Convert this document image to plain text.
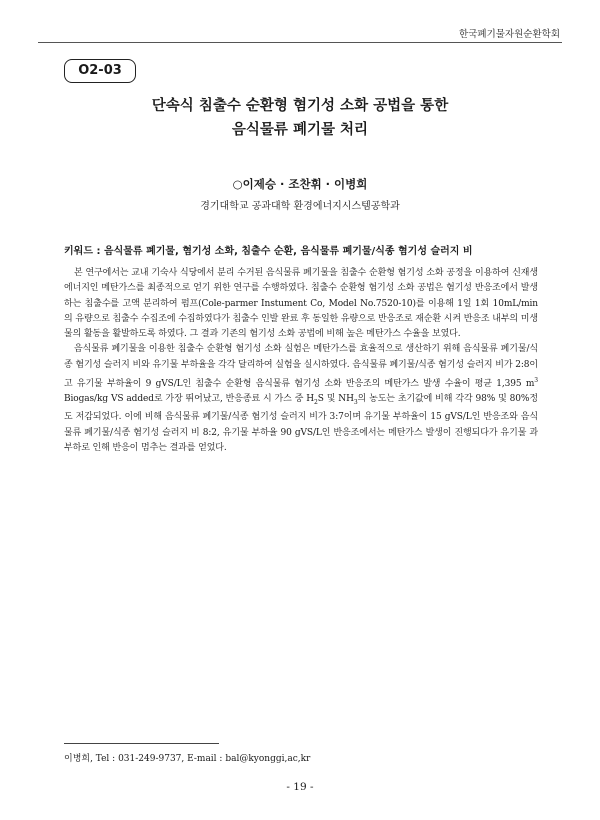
한국폐기물자원순환학회
O2-03
단속식 침출수 순환형 혐기성 소화 공법을 통한
음식물류 폐기물 처리
○이제승 · 조찬휘 · 이병희
경기대학교 공과대학 환경에너지시스템공학과
키워드 : 음식물류 폐기물, 혐기성 소화, 침출수 순환, 음식물류 폐기물/식종 혐기성 슬러지 비

본 연구에서는 교내 기숙사 식당에서 분리 수거된 음식물류 폐기물을 침출수 순환형 혐기성 소화 공정을 이용하여 신재생 에너지인 메탄가스를 최종적으로 얻기 위한 연구를 수행하였다. 침출수 순환형 혐기성 소화 공법은 혐기성 반응조에서 발생하는 침출수를 고액 분리하여 펌프(Cole-parmer Instument Co, Model No.7520-10)를 이용해 1일 1회 10mL/min의 유량으로 침출수 수집조에 수집하였다가 침출수 인발 완료 후 동일한 유량으로 반응조로 재순환 시켜 반응조 내부의 미생물의 활동을 활발하도록 하였다. 그 결과 기존의 혐기성 소화 공법에 비해 높은 메탄가스 수율을 보였다.

음식물류 폐기물을 이용한 침출수 순환형 혐기성 소화 실험은 메탄가스를 효율적으로 생산하기 위해 음식물류 폐기물/식종 혐기성 슬러지 비와 유기물 부하율을 각각 달리하여 실험을 실시하였다. 음식물류 폐기물/식종 혐기성 슬러지 비가 2:8이고 유기물 부하율이 9 gVS/L인 침출수 순환형 음식물류 혐기성 소화 반응조의 메탄가스 발생 수율이 평균 1,395 $m^3$ Biogas/kg VS added로 가장 뛰어났고, 반응종료 시 가스 중 $H_2S$ 및 $NH_3$의 농도는 초기값에 비해 각각 98% 및 80%정도 저감되었다. 이에 비해 음식물류 폐기물/식종 혐기성 슬러지 비가 3:7이며 유기물 부하율이 15 gVS/L인 반응조와 음식물류 폐기물/식종 혐기성 슬러지 비 8:2, 유기물 부하율 90 gVS/L인 반응조에서는 메탄가스 발생이 진행되다가 유기물 과부하로 인해 반응이 멈추는 결과를 얻었다.

이병희, Tel : 031-249-9737, E-mail : bal@kyonggi,ac,kr
- 19 -
